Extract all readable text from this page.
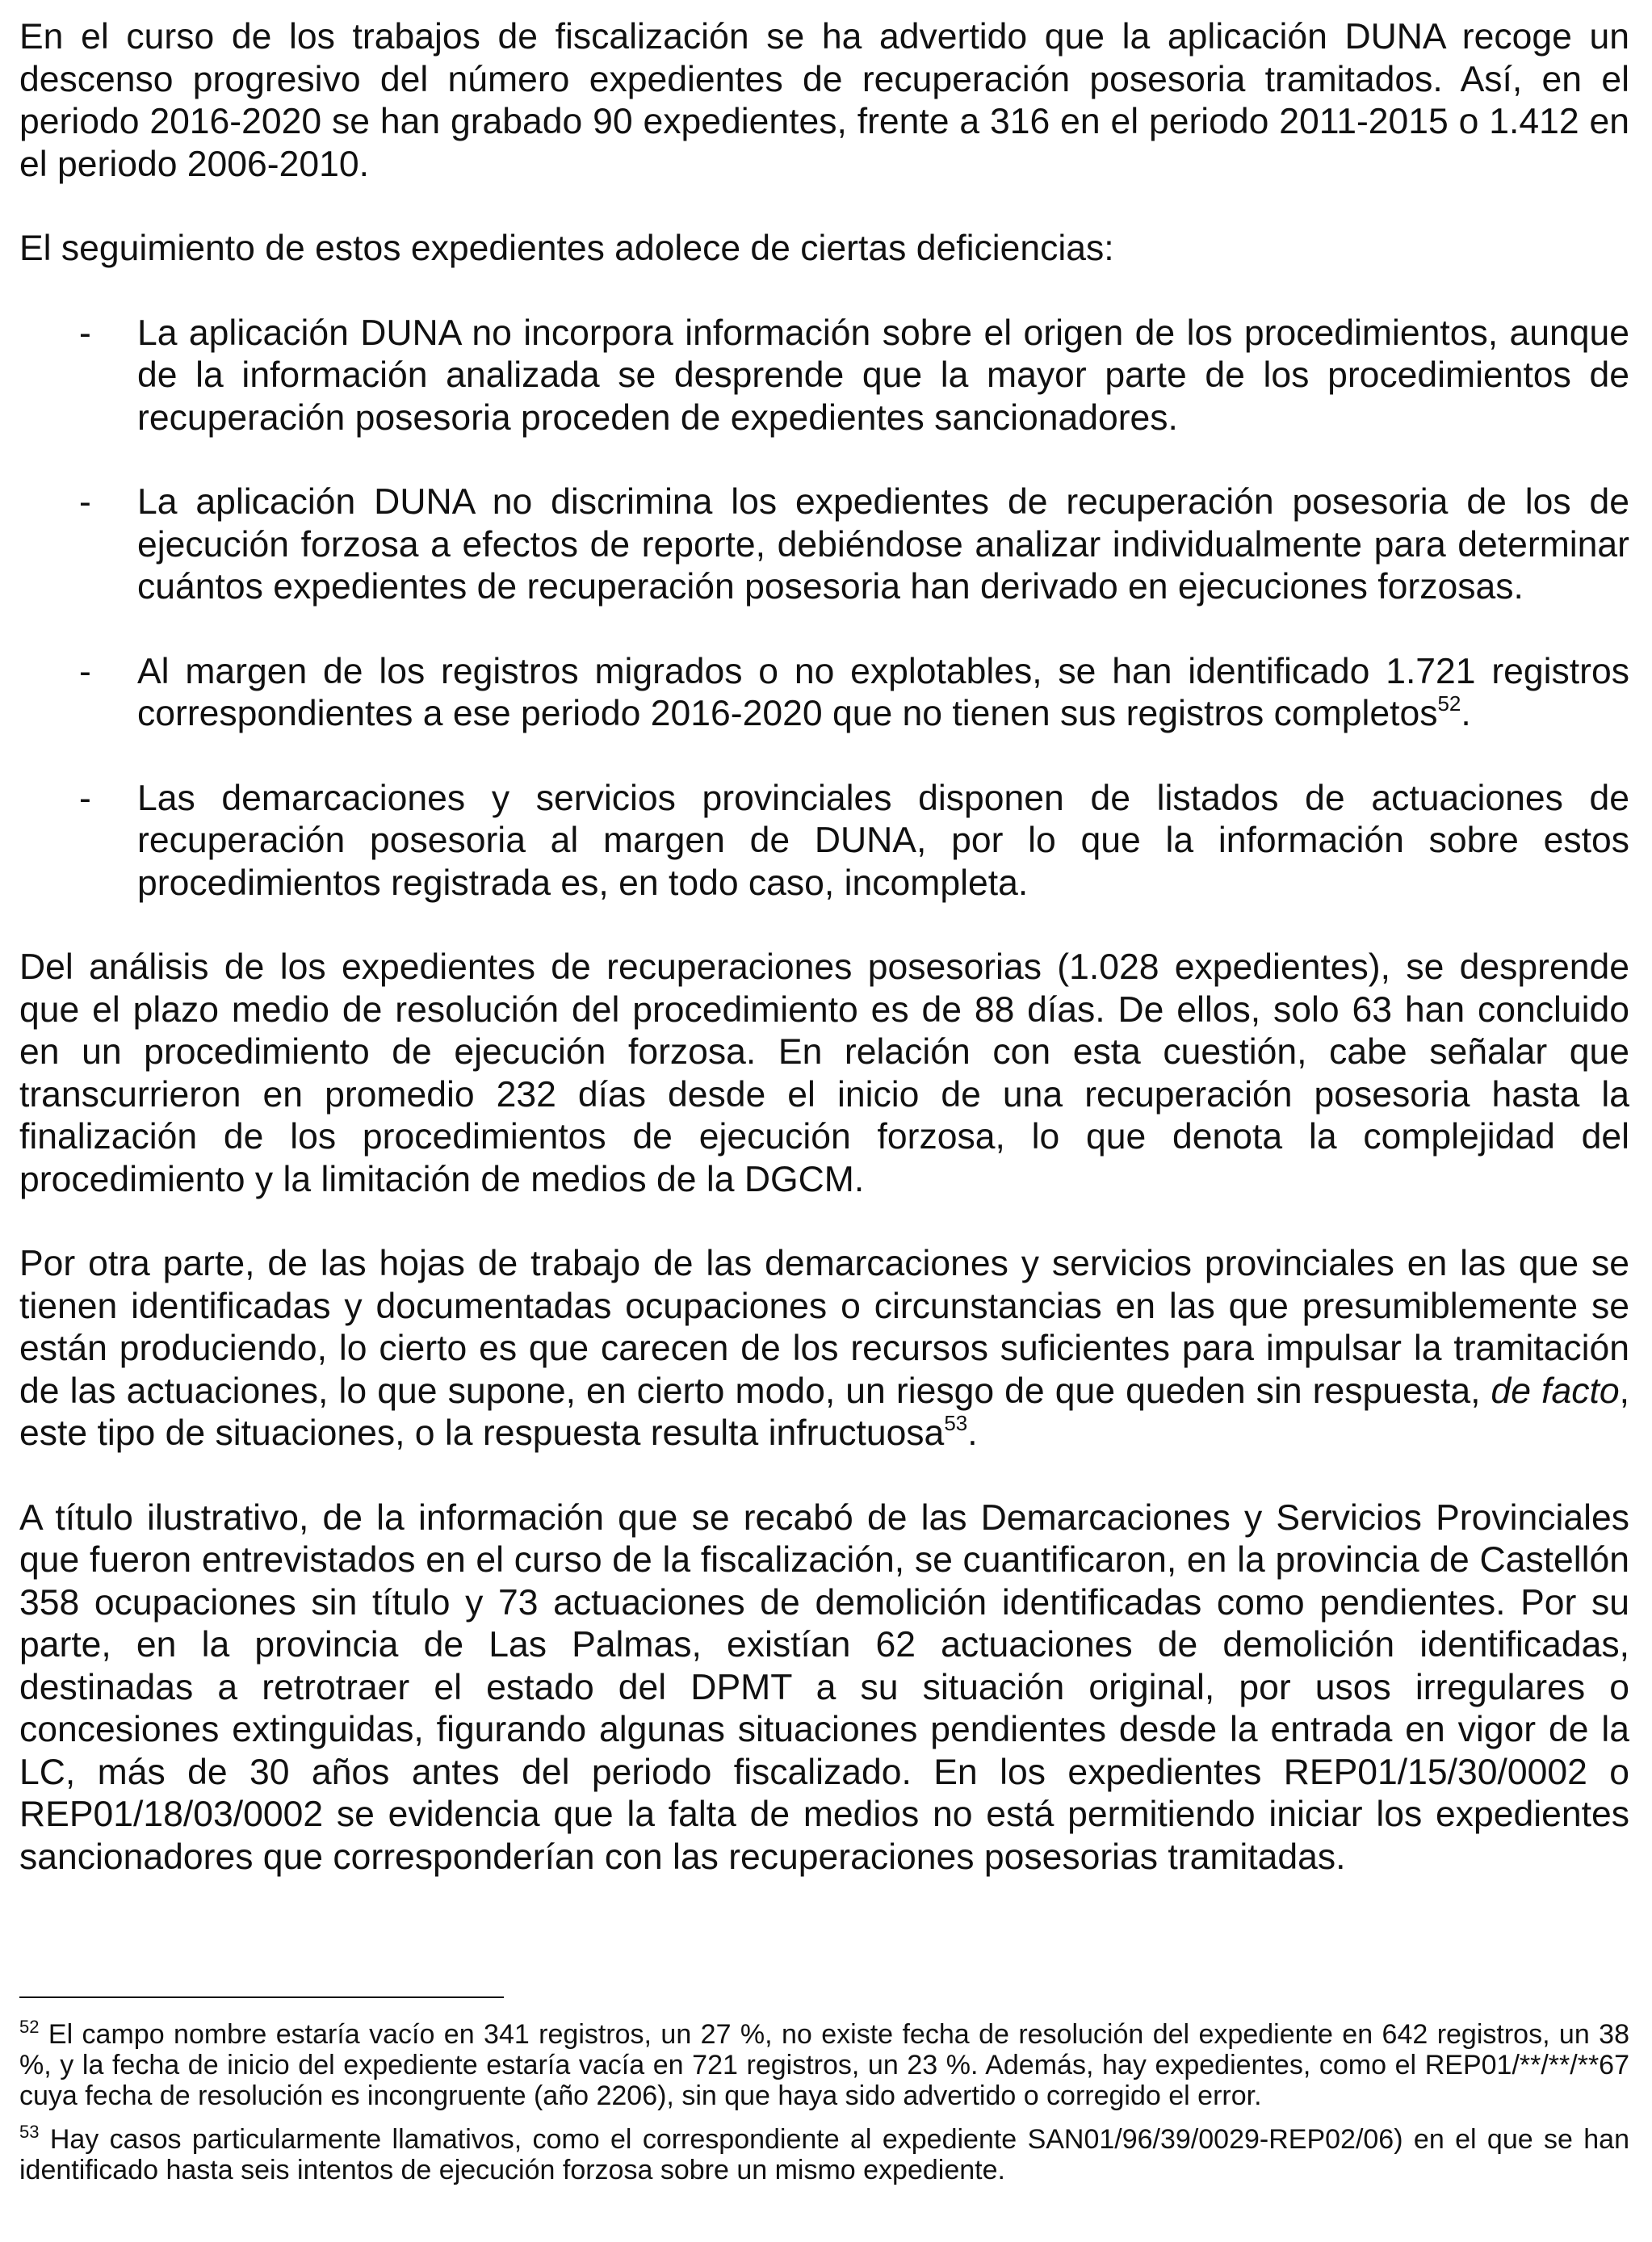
En el curso de los trabajos de fiscalización se ha advertido que la aplicación DUNA recoge un descenso progresivo del número expedientes de recuperación posesoria tramitados. Así, en el periodo 2016-2020 se han grabado 90 expedientes, frente a 316 en el periodo 2011-2015 o 1.412 en el periodo 2006-2010.

El seguimiento de estos expedientes adolece de ciertas deficiencias:

-	La aplicación DUNA no incorpora información sobre el origen de los procedimientos, aunque de la información analizada se desprende que la mayor parte de los procedimientos de recuperación posesoria proceden de expedientes sancionadores.
-	La aplicación DUNA no discrimina los expedientes de recuperación posesoria de los de ejecución forzosa a efectos de reporte, debiéndose analizar individualmente para determinar cuántos expedientes de recuperación posesoria han derivado en ejecuciones forzosas.
-	Al margen de los registros migrados o no explotables, se han identificado 1.721 registros correspondientes a ese periodo 2016-2020 que no tienen sus registros completos$^{52}$.
-	Las demarcaciones y servicios provinciales disponen de listados de actuaciones de recuperación posesoria al margen de DUNA, por lo que la información sobre estos procedimientos registrada es, en todo caso, incompleta.

Del análisis de los expedientes de recuperaciones posesorias (1.028 expedientes), se desprende que el plazo medio de resolución del procedimiento es de 88 días. De ellos, solo 63 han concluido en un procedimiento de ejecución forzosa. En relación con esta cuestión, cabe señalar que transcurrieron en promedio 232 días desde el inicio de una recuperación posesoria hasta la finalización de los procedimientos de ejecución forzosa, lo que denota la complejidad del procedimiento y la limitación de medios de la DGCM.

Por otra parte, de las hojas de trabajo de las demarcaciones y servicios provinciales en las que se tienen identificadas y documentadas ocupaciones o circunstancias en las que presumiblemente se están produciendo, lo cierto es que carecen de los recursos suficientes para impulsar la tramitación de las actuaciones, lo que supone, en cierto modo, un riesgo de que queden sin respuesta, de facto, este tipo de situaciones, o la respuesta resulta infructuosa$^{53}$.

A título ilustrativo, de la información que se recabó de las Demarcaciones y Servicios Provinciales que fueron entrevistados en el curso de la fiscalización, se cuantificaron, en la provincia de Castellón 358 ocupaciones sin título y 73 actuaciones de demolición identificadas como pendientes. Por su parte, en la provincia de Las Palmas, existían 62 actuaciones de demolición identificadas, destinadas a retrotraer el estado del DPMT a su situación original, por usos irregulares o concesiones extinguidas, figurando algunas situaciones pendientes desde la entrada en vigor de la LC, más de 30 años antes del periodo fiscalizado. En los expedientes REP01/15/30/0002 o REP01/18/03/0002 se evidencia que la falta de medios no está permitiendo iniciar los expedientes sancionadores que corresponderían con las recuperaciones posesorias tramitadas.

$^{52}$ El campo nombre estaría vacío en 341 registros, un 27 %, no existe fecha de resolución del expediente en 642 registros, un 38 %, y la fecha de inicio del expediente estaría vacía en 721 registros, un 23 %. Además, hay expedientes, como el REP01/**/**/**67 cuya fecha de resolución es incongruente (año 2206), sin que haya sido advertido o corregido el error.

$^{53}$ Hay casos particularmente llamativos, como el correspondiente al expediente SAN01/96/39/0029-REP02/06) en el que se han identificado hasta seis intentos de ejecución forzosa sobre un mismo expediente.
